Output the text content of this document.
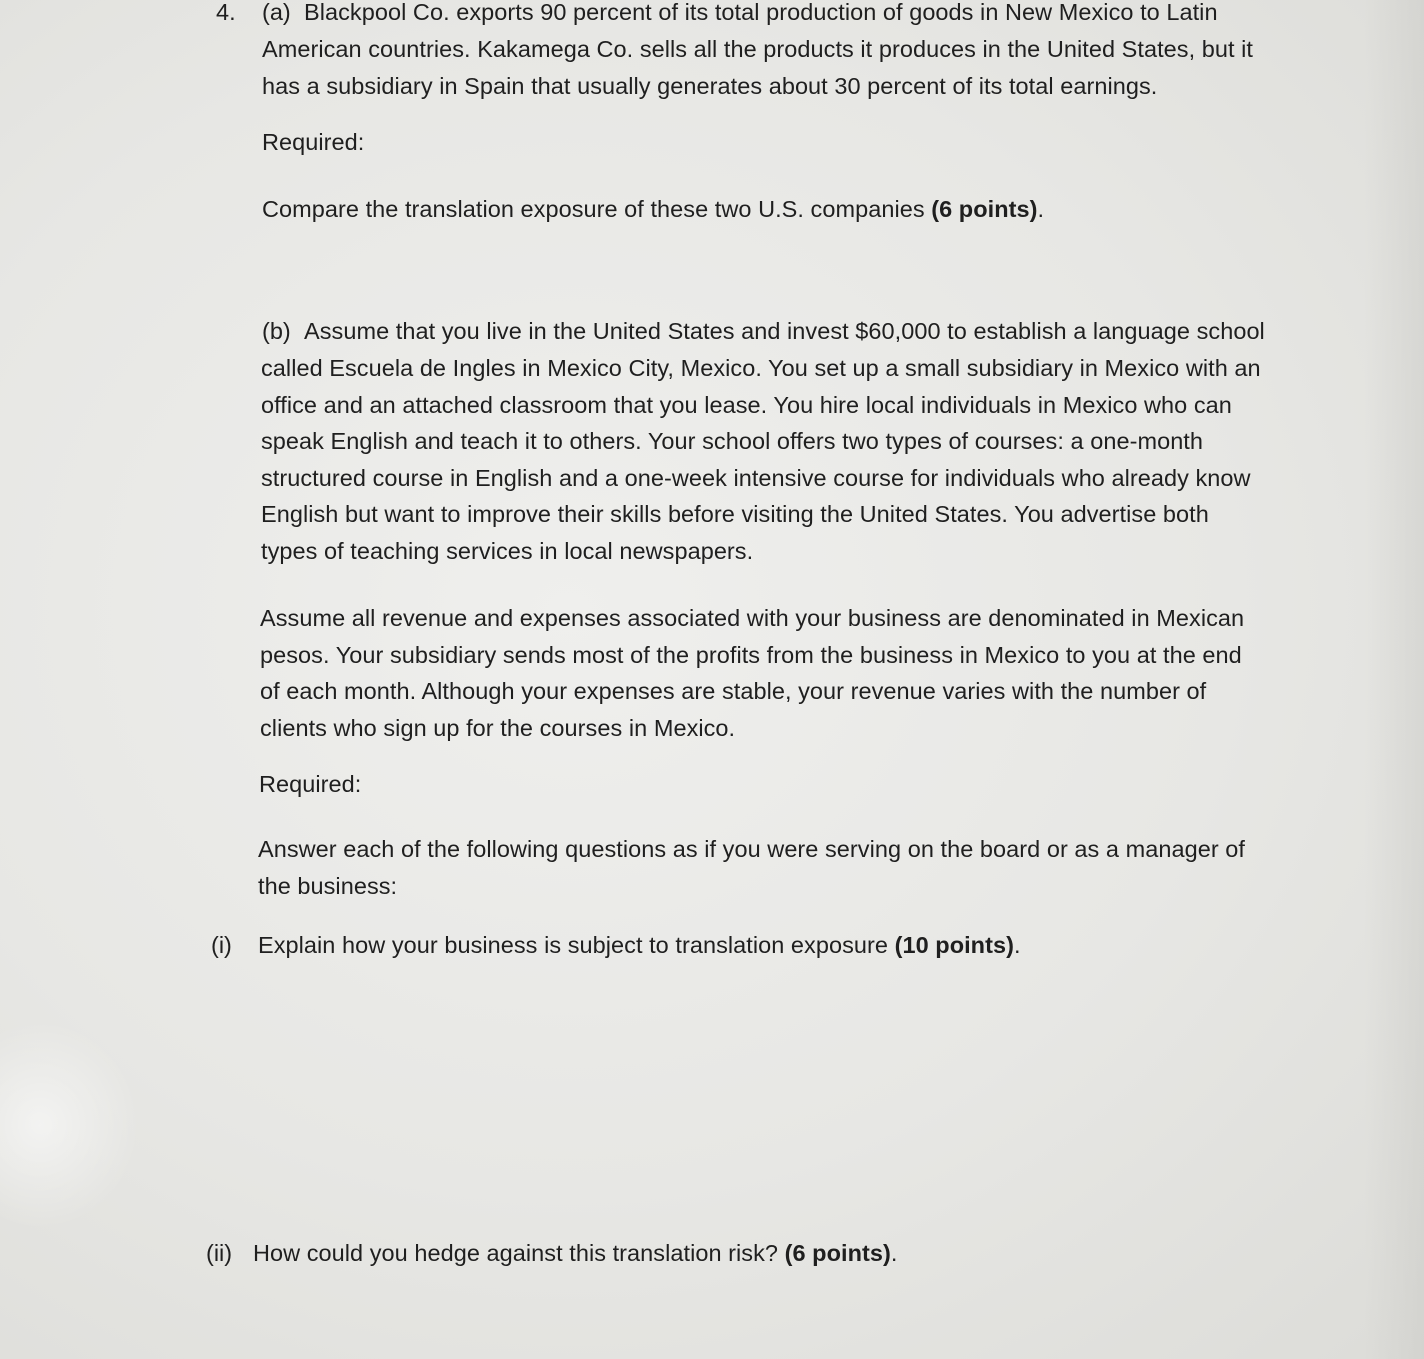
4. (a) Blackpool Co. exports 90 percent of its total production of goods in New Mexico to Latin
American countries. Kakamega Co. sells all the products it produces in the United States, but it
has a subsidiary in Spain that usually generates about 30 percent of its total earnings.

Required:

Compare the translation exposure of these two U.S. companies (6 points).

(b) Assume that you live in the United States and invest $60,000 to establish a language school
called Escuela de Ingles in Mexico City, Mexico. You set up a small subsidiary in Mexico with an
office and an attached classroom that you lease. You hire local individuals in Mexico who can
speak English and teach it to others. Your school offers two types of courses: a one-month
structured course in English and a one-week intensive course for individuals who already know
English but want to improve their skills before visiting the United States. You advertise both
types of teaching services in local newspapers.
Assume all revenue and expenses associated with your business are denominated in Mexican
pesos. Your subsidiary sends most of the profits from the business in Mexico to you at the end
of each month. Although your expenses are stable, your revenue varies with the number of
clients who sign up for the courses in Mexico.

Required:

Answer each of the following questions as if you were serving on the board or as a manager of
the business:

(i) Explain how your business is subject to translation exposure (10 points).

(ii) How could you hedge against this translation risk? (6 points).
